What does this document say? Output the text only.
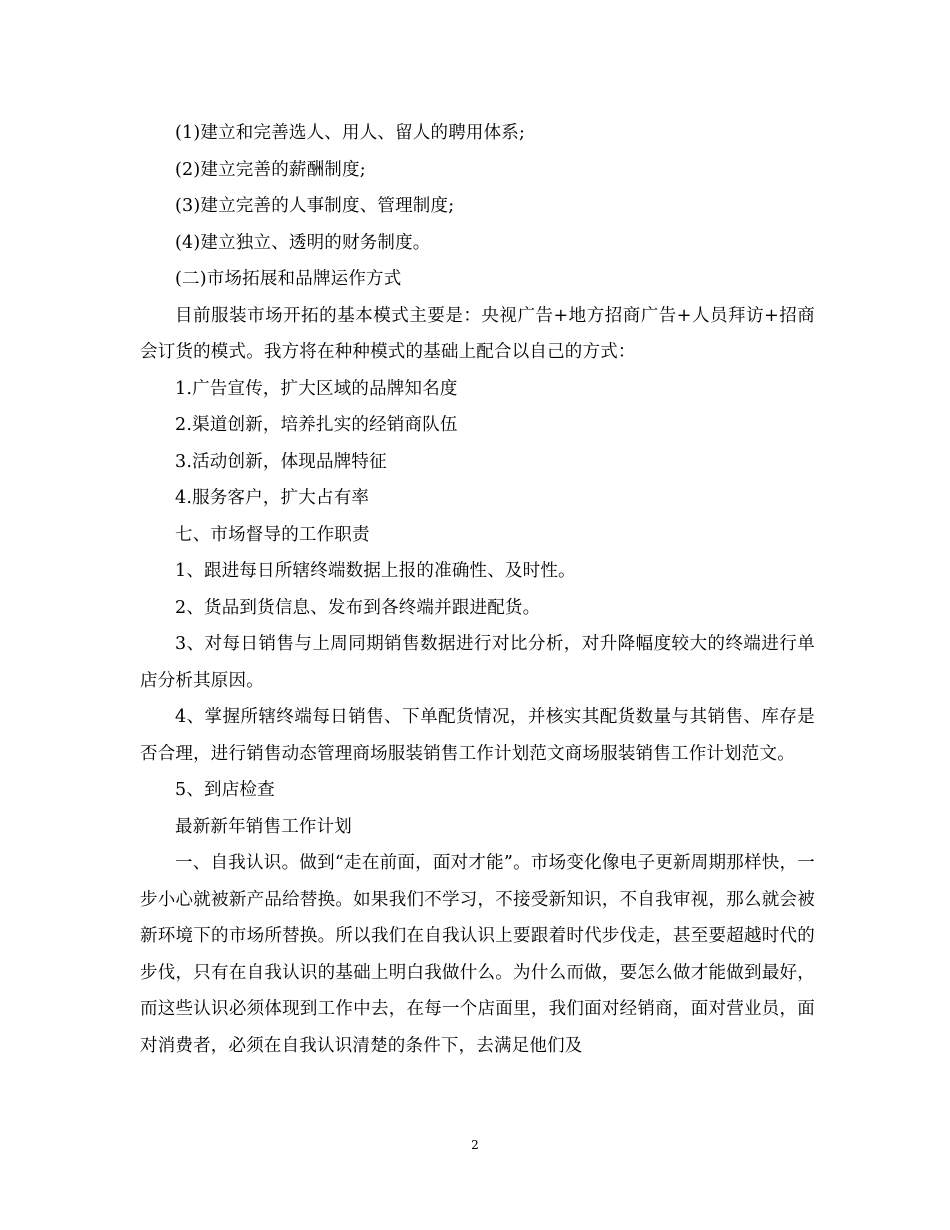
(1)建立和完善选人、用人、留人的聘用体系;

(2)建立完善的薪酬制度;

(3)建立完善的人事制度、管理制度;

(4)建立独立、透明的财务制度。

(二)市场拓展和品牌运作方式

目前服装市场开拓的基本模式主要是：央视广告+地方招商广告+人员拜访+招商会订货的模式。我方将在种种模式的基础上配合以自己的方式：

1.广告宣传，扩大区域的品牌知名度

2.渠道创新，培养扎实的经销商队伍

3.活动创新，体现品牌特征

4.服务客户，扩大占有率

七、市场督导的工作职责

1、跟进每日所辖终端数据上报的准确性、及时性。

2、货品到货信息、发布到各终端并跟进配货。

3、对每日销售与上周同期销售数据进行对比分析，对升降幅度较大的终端进行单店分析其原因。

4、掌握所辖终端每日销售、下单配货情况，并核实其配货数量与其销售、库存是否合理，进行销售动态管理商场服装销售工作计划范文商场服装销售工作计划范文。

5、到店检查

最新新年销售工作计划

一、自我认识。做到“走在前面，面对才能”。市场变化像电子更新周期那样快，一步小心就被新产品给替换。如果我们不学习，不接受新知识，不自我审视，那么就会被新环境下的市场所替换。所以我们在自我认识上要跟着时代步伐走，甚至要超越时代的步伐，只有在自我认识的基础上明白我做什么。为什么而做，要怎么做才能做到最好，而这些认识必须体现到工作中去，在每一个店面里，我们面对经销商，面对营业员，面对消费者，必须在自我认识清楚的条件下，去满足他们及

2
